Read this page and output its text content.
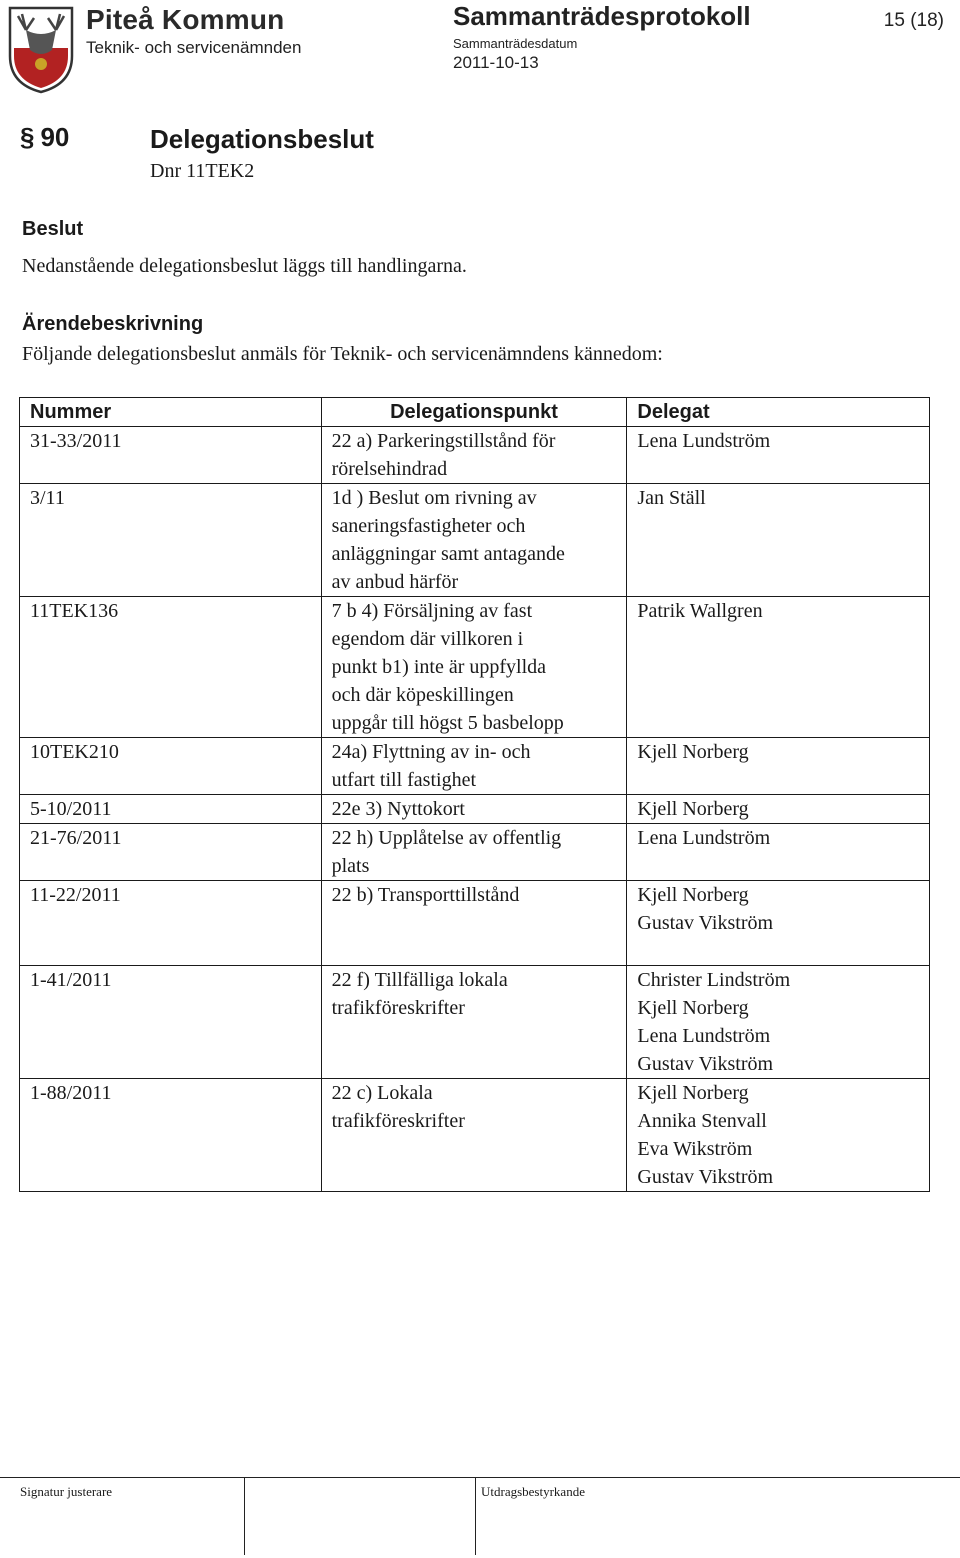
Piteå Kommun
Teknik- och servicenämnden
Sammanträdesprotokoll
Sammanträdesdatum
2011-10-13
15 (18)
§ 90	Delegationsbeslut
Dnr 11TEK2
Beslut
Nedanstående delegationsbeslut läggs till handlingarna.
Ärendebeskrivning
Följande delegationsbeslut anmäls för Teknik- och servicenämndens kännedom:
Nummer	Delegationspunkt	Delegat
31-33/2011	22 a) Parkeringstillstånd för
rörelsehindrad	Lena Lundström

3/11	1d ) Beslut om rivning av
saneringsfastigheter och
anläggningar samt antagande
av anbud härför	Jan Ställ

11TEK136	7 b 4) Försäljning av fast
egendom där villkoren i
punkt b1) inte är uppfyllda
och där köpeskillingen
uppgår till högst 5 basbelopp	Patrik Wallgren

10TEK210	24a) Flyttning av in- och
utfart till fastighet	Kjell Norberg

5-10/2011	22e 3) Nyttokort	Kjell Norberg

21-76/2011	22 h) Upplåtelse av offentlig
plats	Lena Lundström

11-22/2011	22 b) Transporttillstånd	Kjell Norberg
Gustav Vikström

1-41/2011	22 f) Tillfälliga lokala
trafikföreskrifter	Christer Lindström
Kjell Norberg
Lena Lundström
Gustav Vikström

1-88/2011	22 c) Lokala
trafikföreskrifter	Kjell Norberg
Annika Stenvall
Eva Wikström
Gustav Vikström
Signatur justerare	Utdragsbestyrkande
